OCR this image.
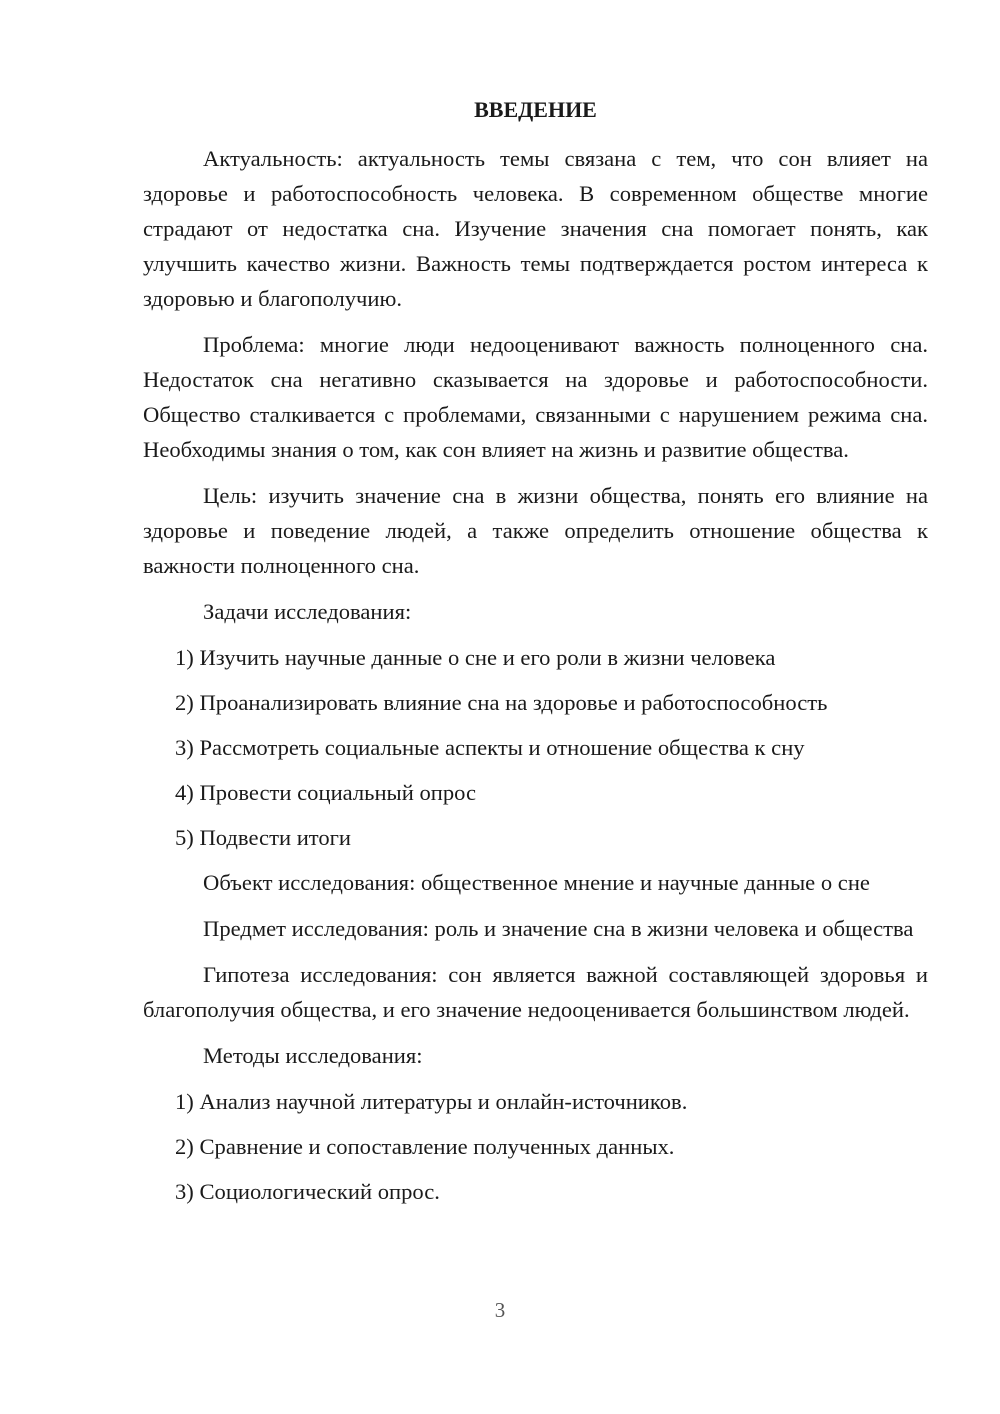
ВВЕДЕНИЕ

Актуальность: актуальность темы связана с тем, что сон влияет на здоровье и работоспособность человека. В современном обществе многие страдают от недостатка сна. Изучение значения сна помогает понять, как улучшить качество жизни. Важность темы подтверждается ростом интереса к здоровью и благополучию.

Проблема: многие люди недооценивают важность полноценного сна. Недостаток сна негативно сказывается на здоровье и работоспособности. Общество сталкивается с проблемами, связанными с нарушением режима сна. Необходимы знания о том, как сон влияет на жизнь и развитие общества.

Цель: изучить значение сна в жизни общества, понять его влияние на здоровье и поведение людей, а также определить отношение общества к важности полноценного сна.

Задачи исследования:

1) Изучить научные данные о сне и его роли в жизни человека
2) Проанализировать влияние сна на здоровье и работоспособность
3) Рассмотреть социальные аспекты и отношение общества к сну
4) Провести социальный опрос
5) Подвести итоги

Объект исследования: общественное мнение и научные данные о сне

Предмет исследования: роль и значение сна в жизни человека и общества

Гипотеза исследования: сон является важной составляющей здоровья и благополучия общества, и его значение недооценивается большинством людей.

Методы исследования:

1) Анализ научной литературы и онлайн-источников.
2) Сравнение и сопоставление полученных данных.
3) Социологический опрос.
3
